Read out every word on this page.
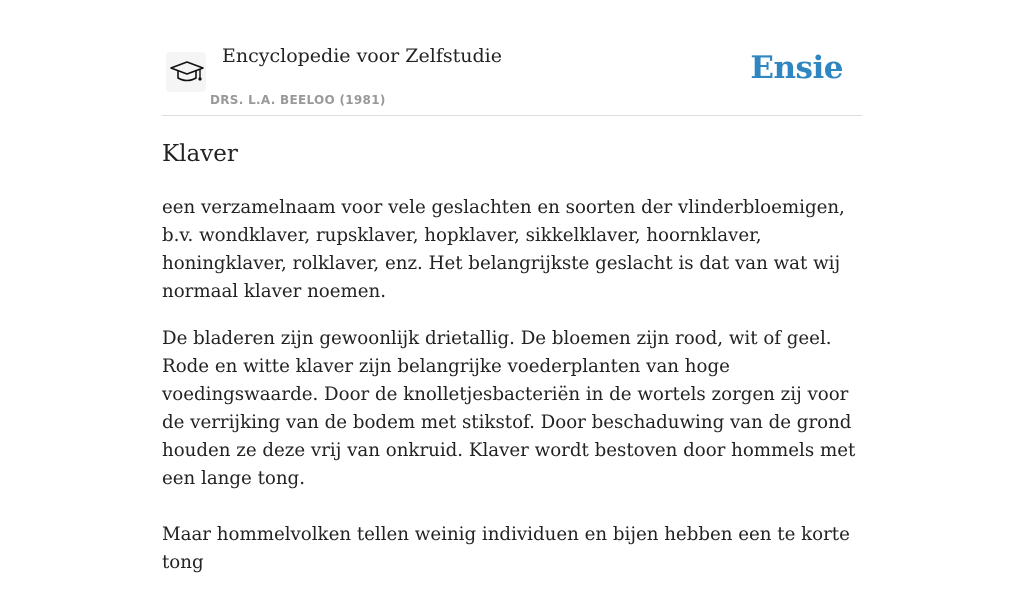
Encyclopedie voor Zelfstudie
DRS. L.A. BEELOO (1981)
Ensie
Klaver

een verzamelnaam voor vele geslachten en soorten der vlinderbloemigen, b.v. wondklaver, rupsklaver, hopklaver, sikkelklaver, hoornklaver, honingklaver, rolklaver, enz. Het belangrijkste geslacht is dat van wat wij normaal klaver noemen.

De bladeren zijn gewoonlijk drietallig. De bloemen zijn rood, wit of geel. Rode en witte klaver zijn belangrijke voederplanten van hoge voedingswaarde. Door de knolletjesbacteriën in de wortels zorgen zij voor de verrijking van de bodem met stikstof. Door beschaduwing van de grond houden ze deze vrij van onkruid. Klaver wordt bestoven door hommels met een lange tong.

Maar hommelvolken tellen weinig individuen en bijen hebben een te korte tong
